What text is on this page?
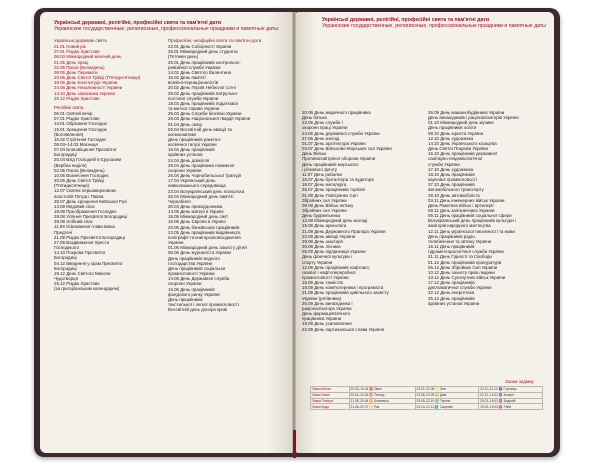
Українські державні, релігійні, професійні свята та пам'ятні дати
Украинские государственные, религиозные, профессиональные праздники и памятные даты
Українські державні свята
01.01 Новий рік
07.01 Різдво Христове
08.03 Міжнародний жіночий день
01.05 День праці
02.05 Пасха (Великдень)
09.05 День Перемоги
20.06 День Святої Трійці (П'ятидесятниця)
28.06 День Конституції України
24.08 День Незалежності України
14.10 День захисника України
25.12 Різдво Христове
Релігійні свята
06.01 Святий вечір
07.01 Різдво Христове
14.01 Обрізання Господнє
19.01 Хрещення Господнє
(Богоявлення)
15.02 Стрітення Господнє
08.03–14.03 Масниця
07.04 Благовіщення Пресвятої
Богородиці
25.04 Вхід Господній в Єрусалим
(Вербна неділя)
02.05 Пасха (Великдень)
10.06 Вознесіння Господнє
20.06 День Святої Трійці
(П'ятидесятниця)
12.07 Святих першоверховних
апостолів Петра і Павла
28.07 День хрещення Київської Русі
14.08 Медовий спас
19.08 Преображення Господнє
28.08 Успіння Пресвятої Богородиці
29.08 Хлібний спас
11.09 Усікновення глави Івана
Предтечі
21.09 Різдво Пресвятої Богородиці
27.09 Воздвиження Хреста
Господнього
14.10 Покрова Пресвятої
Богородиці
04.12 Введення у храм Пресвятої
Богородиці
19.12 День Святого Миколи
Чудотворця
25.12 Різдво Христове
(за григоріанським календарем)
Професійні, неофіційні свята та пам'ятні дати
22.01 День Соборності України
25.01 Міжнародний день студента
(Тетянин день)
26.01 День працівників контрольно-
ревізійної служби України
14.02 День Святого Валентина
15.02 День пам'яті
воїнів-інтернаціоналістів
20.02 День Героїв Небесної сотні
28.02 День працівників патрульно-
постової служби України
18.03 День працівників податкової
та митної справи України
25.03 День Служби безпеки України
26.03 День Національної гвардії України
01.04 День сміху
02.04 Всесвітній день авіації та
космонавтики
День працівників ракетно-
космічної галузі України
16.04 День працівників
архівних установ
24.04 День довкілля
25.04 День працівника пожежної
охорони України
26.04 День Чорнобильської трагедії
17.04 Український день
навколишнього середовища
23.04 Всеукраїнський день психолога
26.04 Міжнародний день пам'яті
Чорнобиля
30.04 День прикордонника
14.05 День матері в Україні
15.05 Міжнародний день сім'ї
16.05 День Європи в Україні
20.05 День банківських працівників
23.05 День працівників видавництв,
поліграфії та книгорозповсюдження
України
01.06 Міжнародний день захисту дітей
06.06 День журналіста України
День працівників водного
господарства України
День працівників соціальної
промисловості України
14.06 День Державної служби
охорони України
15.06 День працівників
фондового ринку України
День працівників
текстильної і легкої промисловості
Всесвітній день донора крові
Українські державні, релігійні, професійні свята та пам'ятні дати
Украинские государственные, религиозные, профессиональные праздники и памятные даты
20.06 День медичного працівника
День батька
23.06 День служби і
охорони праці України
24.06 День державної служби України
27.06 День молоді
01.07 День архітектури України
04.07 День Військово-Морських сил України
День Військ
Противоповітряної оборони України
День працівників морського
і річкового флоту
11.07 День рибалки
16.07 День бухгалтера та аудитора
18.07 День металурга
25.07 День працівників торгівлі
01.08 День Повітряних Сил
Збройних сил України
08.08 День Військ зв'язку
Збройних сил України
День будівельника
12.08 Міжнародний день молоді
15.08 День археолога
21.08 День Державного Прапора України
22.08 День авіації України
29.08 День шахтаря
30.08 День лісника
05.09 День підприємця України
День фізичної культури і
спорту України
12.09 День працівників нафтової,
газової і нафтопереробної
промисловості України
15.09 День танкістів
19.09 День комп'ютерника і програміста
21.09 День працівників цивільного захисту
України (рятівника)
26.09 День винахідника і
раціоналізатора України
День фармацевтичного
працівника України
19.09 День усиновлення
22.09 День партизанської слави України
26.09 День машинобудівника України
День винахідників і раціоналізаторів України
01.10 Міжнародний день музики
День працівників освіти
08.10 День юриста України
12.10 День художника
14.10 День Українського козацтва
День Святої Покрови України
16.10 День працівників державної
санітарно-епідеміологічної
служби України
17.10 День художника
18.10 День працівників
харчової промисловості
27.10 День працівників
автомобільного транспорту
29.10 День автомобіліста
03.11 День інженерних військ України
День Ракетних військ і артилерії
08.11 День залізничника України
09.11 День працівників соціальної сфери
Всеукраїнський день працівників культури і
аматорів народного мистецтва
12.11 День української писемності та мови
День працівників радіо,
телебачення та зв'язку України
16.11 День працівників
гідрометеорологічної служби України
21.11 День Гідності та Свободи
01.12 День працівників прокуратури
06.12 День Збройних Сил України
10.12 День захисту прав людини
13.12 День Сухопутних військ України
17.12 День працівників
дипломатичної служби України
22.12 День енергетика
25.12 День працівників
архівних установ України
Знаки зодіаку
Знаки Вогню	20.03–19.04 ♈ Овен	23.07–22.08 ♌ Лев	22.11–21.12 ♐ Стрілець
Знаки Землі	20.04–20.05 ♉ Телець	23.08–22.09 ♍ Діва	22.12–19.01 ♑ Козеріг
Знаки Повітря	21.05–20.06 ♊ Близнюки	23.09–22.10 ♎ Терези	20.01–18.02 ♒ Водолій
Знаки Води	21.06–22.07 ♋ Рак	23.10–21.11 ♏ Скорпіон	19.02–19.03 ♓ Риби
